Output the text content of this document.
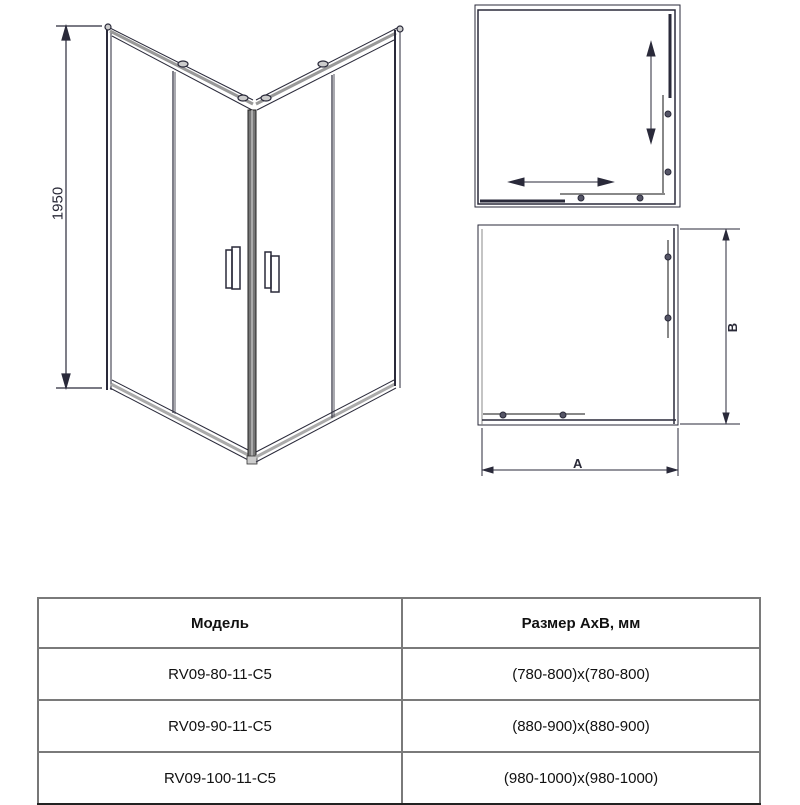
1950
A
B
Модель	Размер АхВ, мм
RV09-80-11-C5	(780-800)х(780-800)
RV09-90-11-C5	(880-900)х(880-900)
RV09-100-11-C5	(980-1000)х(980-1000)
